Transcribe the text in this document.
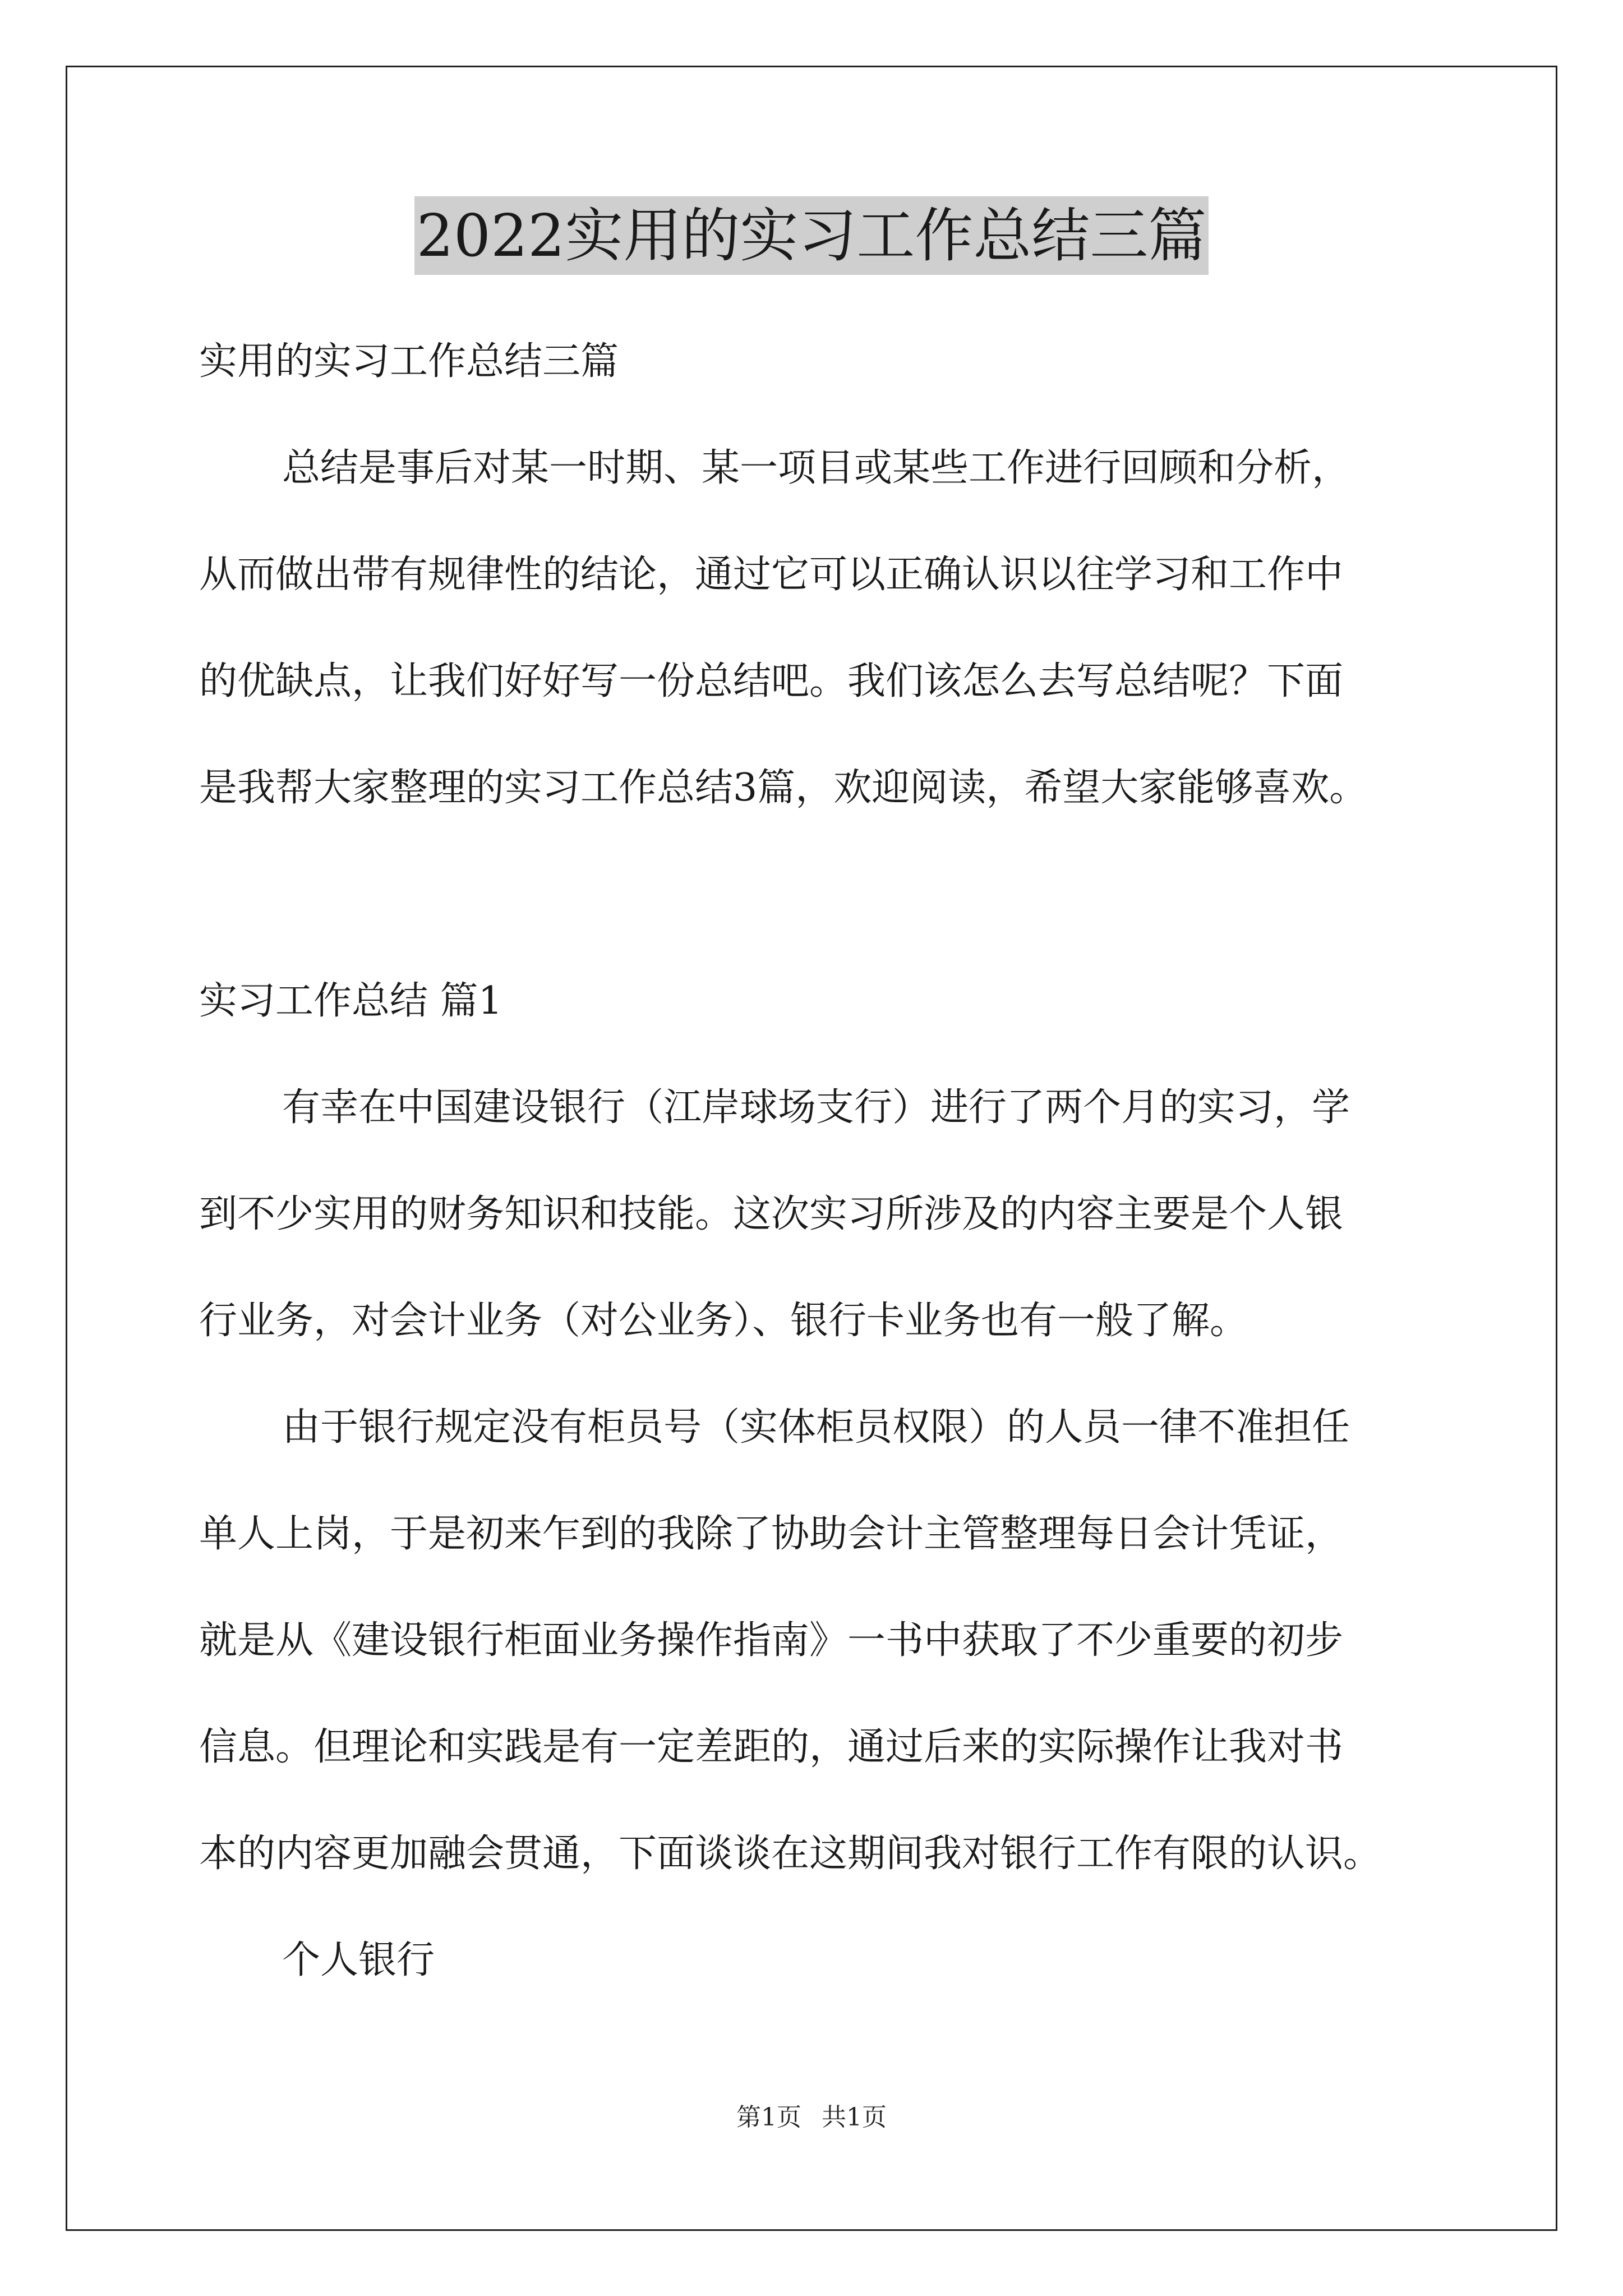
2022实用的实习工作总结三篇
实用的实习工作总结三篇
总结是事后对某一时期、某一项目或某些工作进行回顾和分析，
从而做出带有规律性的结论，通过它可以正确认识以往学习和工作中
的优缺点，让我们好好写一份总结吧。我们该怎么去写总结呢？下面
是我帮大家整理的实习工作总结3篇，欢迎阅读，希望大家能够喜欢。
实习工作总结 篇1
有幸在中国建设银行（江岸球场支行）进行了两个月的实习，学
到不少实用的财务知识和技能。这次实习所涉及的内容主要是个人银
行业务，对会计业务（对公业务）、银行卡业务也有一般了解。
由于银行规定没有柜员号（实体柜员权限）的人员一律不准担任
单人上岗，于是初来乍到的我除了协助会计主管整理每日会计凭证，
就是从《建设银行柜面业务操作指南》一书中获取了不少重要的初步
信息。但理论和实践是有一定差距的，通过后来的实际操作让我对书
本的内容更加融会贯通，下面谈谈在这期间我对银行工作有限的认识。
个人银行
第1页 共1页
